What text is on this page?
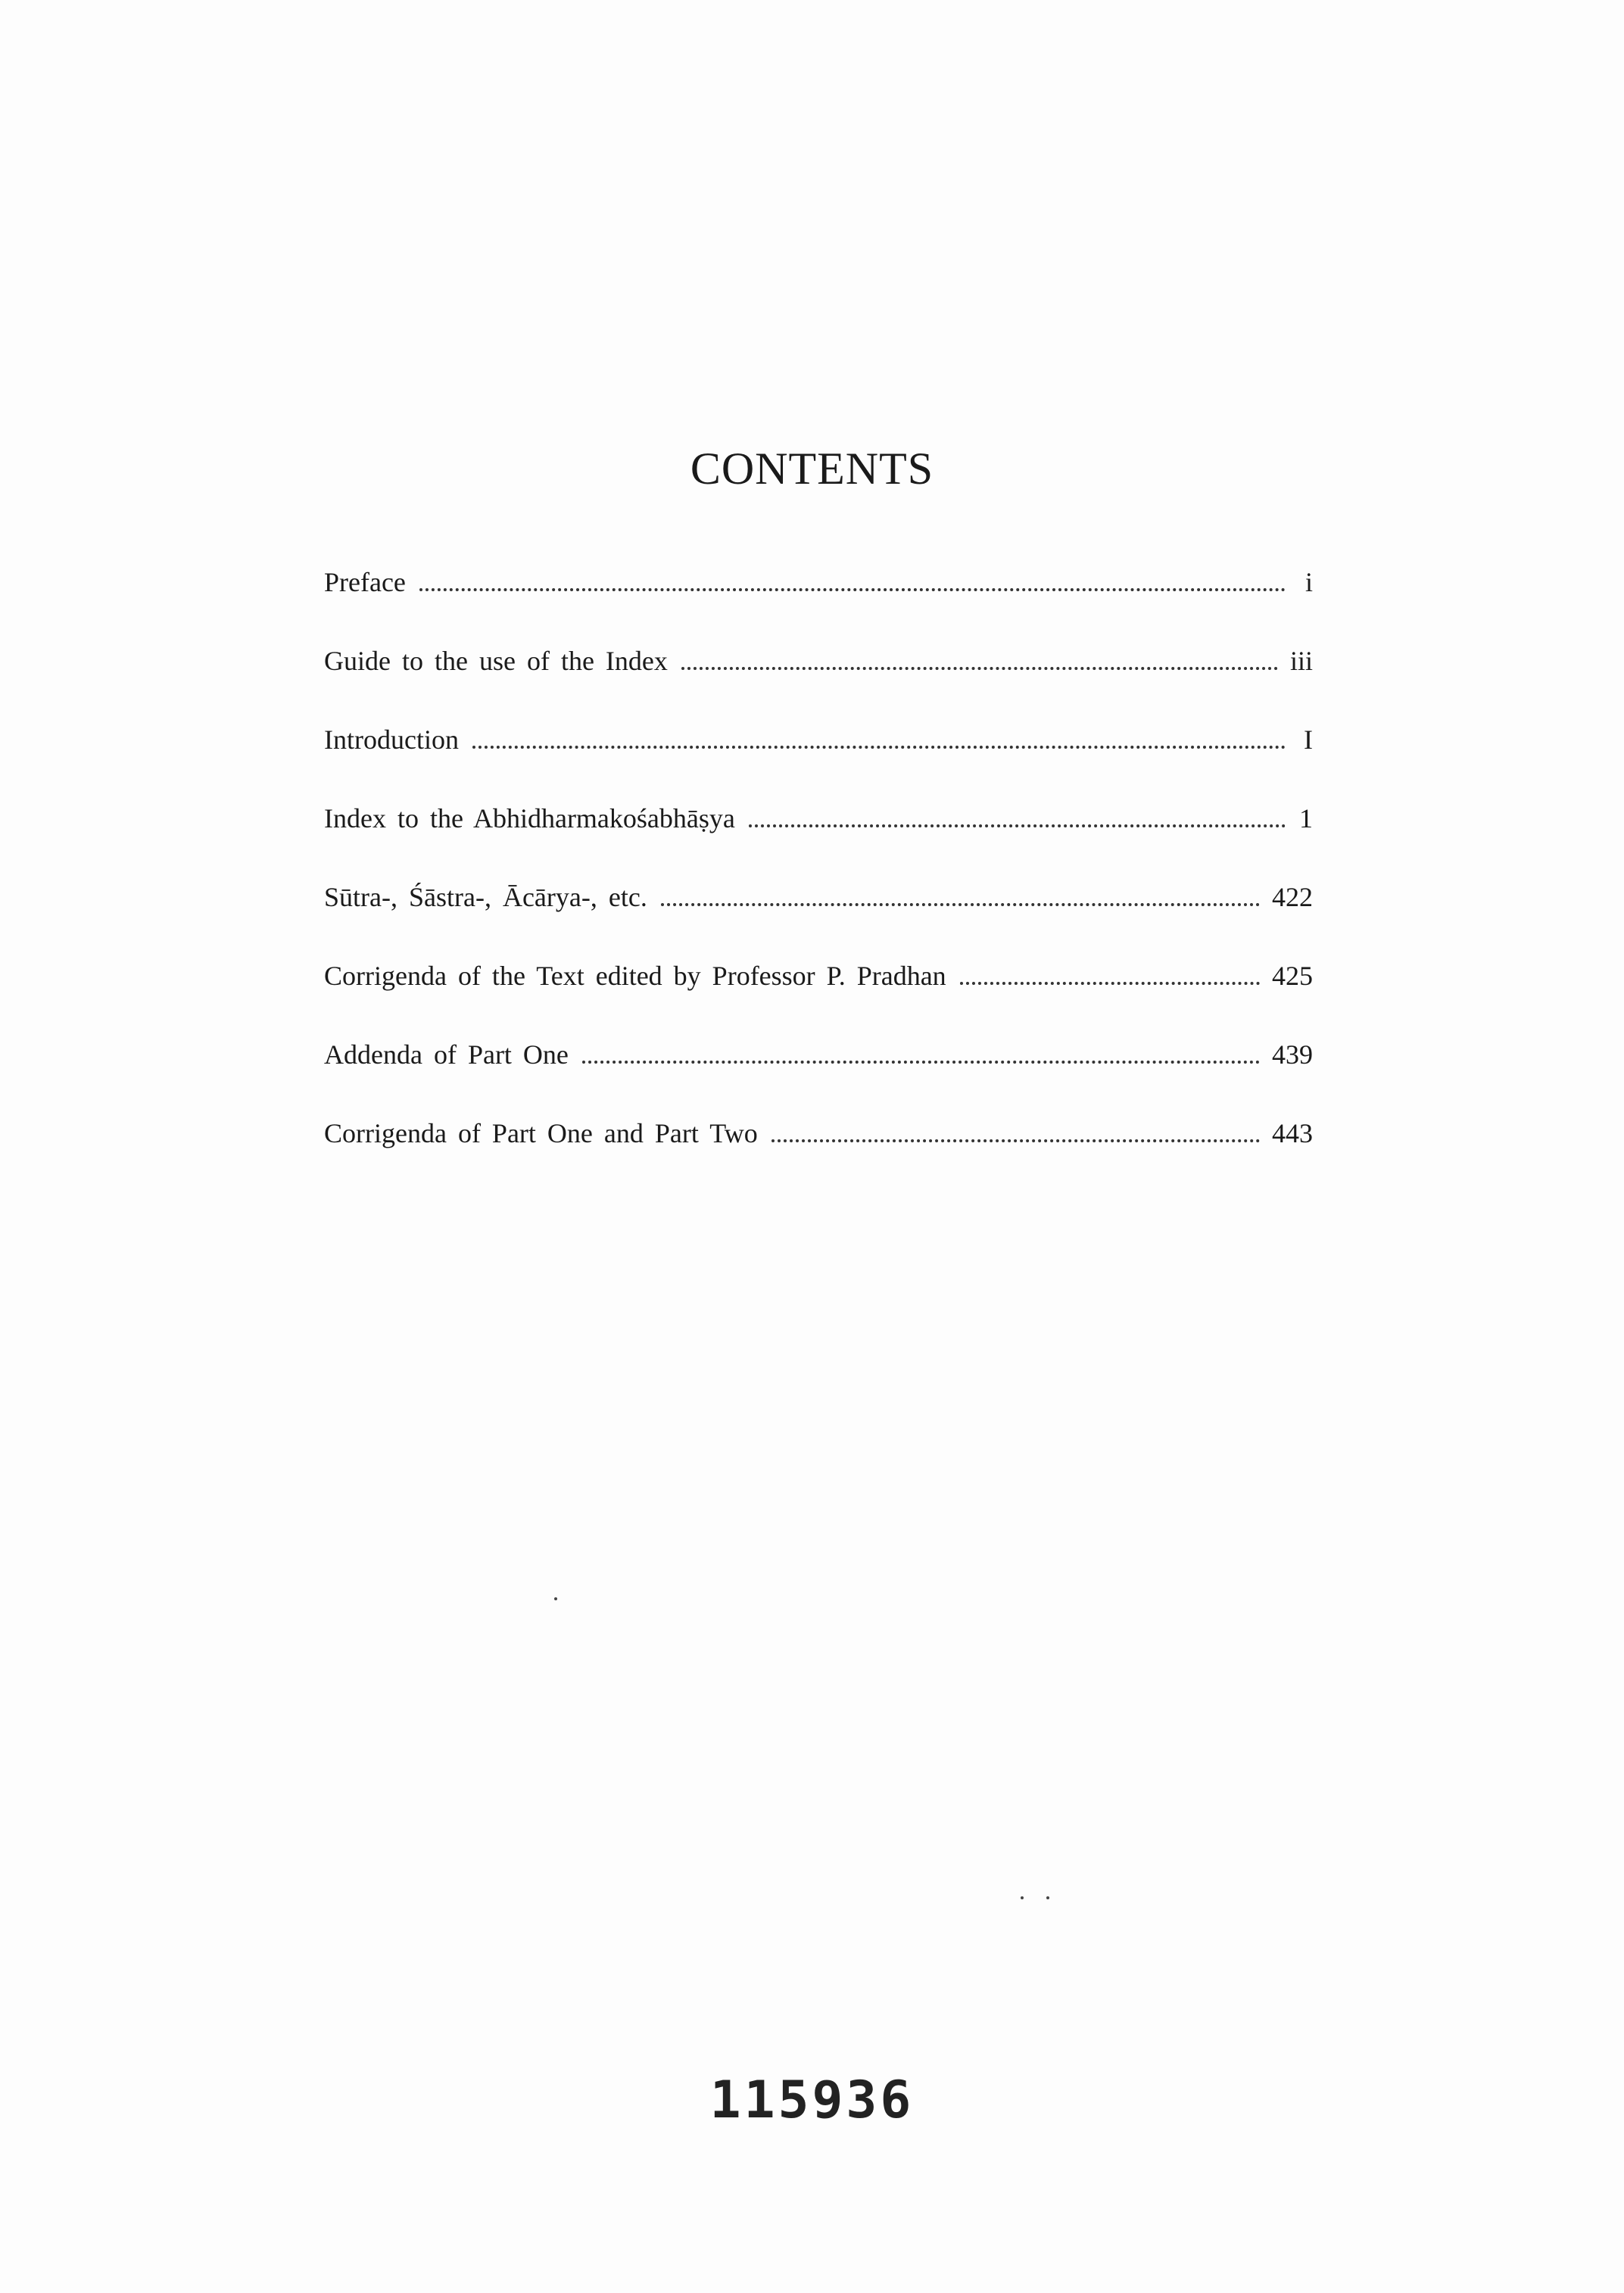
CONTENTS
Preface	i
Guide to the use of the Index	iii
Introduction	I
Index to the Abhidharmakośabhāṣya	1
Sūtra-, Śāstra-, Ācārya-, etc.	422
Corrigenda of the Text edited by Professor P. Pradhan	425
Addenda of Part One	439
Corrigenda of Part One and Part Two	443
115936
